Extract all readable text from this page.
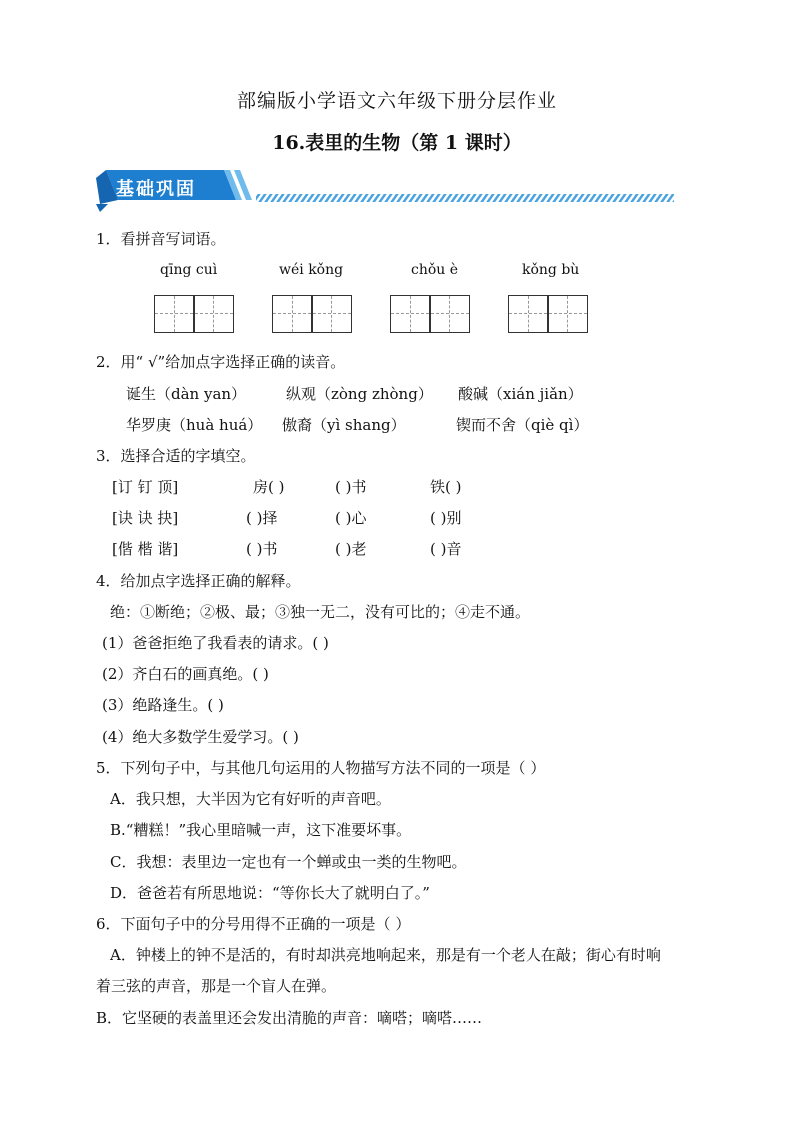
部编版小学语文六年级下册分层作业
16.表里的生物（第 1 课时）
基础巩固
1．看拼音写词语。
qīng cuì	wéi kǒng	chǒu è	kǒng bù
2．用“ √”给加点字选择正确的读音。
诞生（dàn yan）	纵观（zòng zhòng） 酸碱（xián jiǎn）
华罗庚（huà huá） 傲裔（yì shang）	锲而不舍（qiè qì）
3．选择合适的字填空。
[订 钉 顶]	房( )	( )书	铁( )
[诀 诀 抉]	( )择	( )心	( )别
[偕 楷 谐]	( )书	( )老	( )音
4．给加点字选择正确的解释。
绝：①断绝；②极、最；③独一无二，没有可比的；④走不通。
(1）爸爸拒绝了我看表的请求。( )
(2）齐白石的画真绝。( )
(3）绝路逢生。( )
(4）绝大多数学生爱学习。( )
5．下列句子中，与其他几句运用的人物描写方法不同的一项是（ ）
A．我只想，大半因为它有好听的声音吧。
B.“糟糕！”我心里暗喊一声，这下准要坏事。
C．我想：表里边一定也有一个蝉或虫一类的生物吧。
D．爸爸若有所思地说：“等你长大了就明白了。”
6．下面句子中的分号用得不正确的一项是（ ）
A．钟楼上的钟不是活的，有时却洪亮地响起来，那是有一个老人在敲；街心有时响
着三弦的声音，那是一个盲人在弹。
B．它坚硬的表盖里还会发出清脆的声音：嘀嗒；嘀嗒……
